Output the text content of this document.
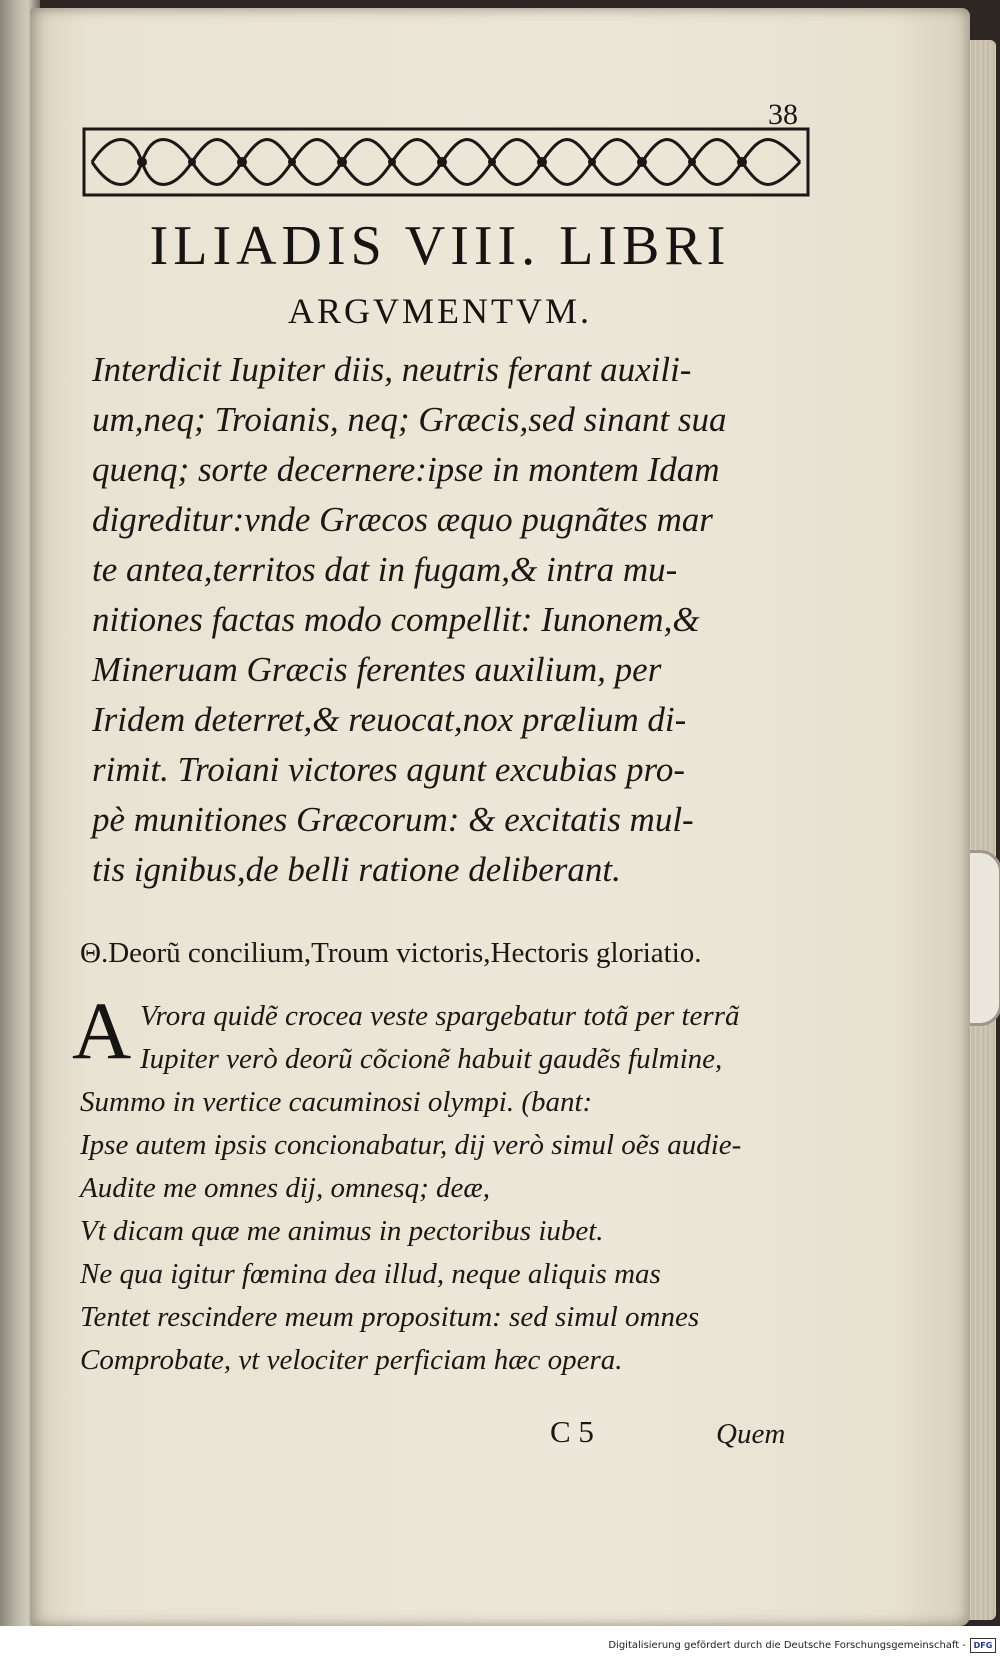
38
ILIADIS VIII. LIBRI
ARGVMENTVM.
Interdicit Iupiter diis, neutris ferant auxili-
um,neq; Troianis, neq; Græcis,sed sinant sua
quenq; sorte decernere:ipse in montem Idam
digreditur:vnde Græcos æquo pugnãtes mar
te antea,territos dat in fugam,& intra mu-
nitiones factas modo compellit: Iunonem,&
Mineruam Græcis ferentes auxilium, per
Iridem deterret,& reuocat,nox prælium di-
rimit. Troiani victores agunt excubias pro-
pè munitiones Græcorum: & excitatis mul-
tis ignibus,de belli ratione deliberant.
Θ.Deorũ concilium,Troum victoris,Hectoris gloriatio.
A Vrora quidẽ crocea veste spargebatur totã per terrã
Iupiter verò deorũ cõcionẽ habuit gaudẽs fulmine,
Summo in vertice cacuminosi olympi. (bant:
Ipse autem ipsis concionabatur, dij verò simul oẽs audie-
Audite me omnes dij, omnesq; deæ,
Vt dicam quæ me animus in pectoribus iubet.
Ne qua igitur fœmina dea illud, neque aliquis mas
Tentet rescindere meum propositum: sed simul omnes
Comprobate, vt velociter perficiam hæc opera.
C 5	Quem
Digitalisierung gefördert durch die Deutsche Forschungsgemeinschaft - DFG
